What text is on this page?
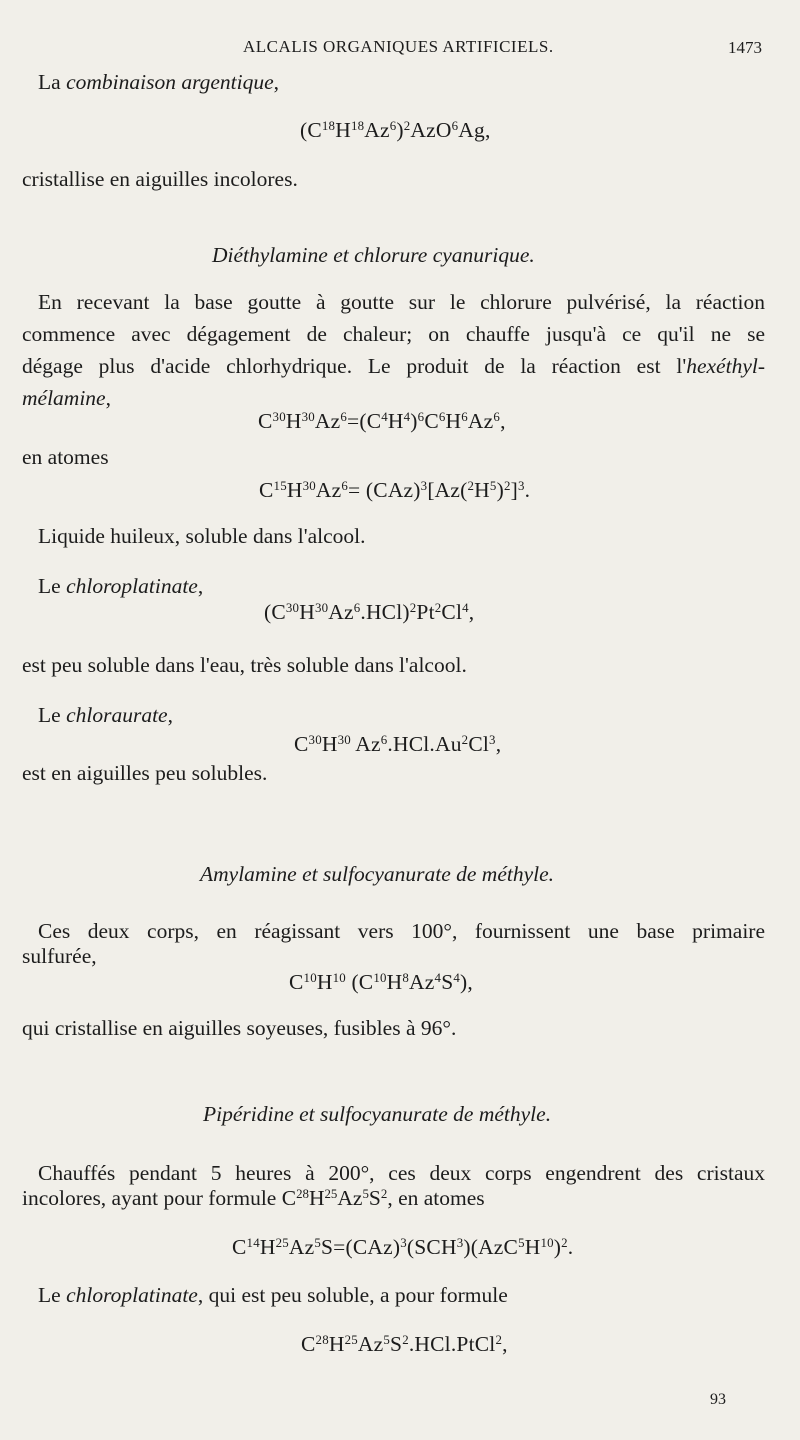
ALCALIS ORGANIQUES ARTIFICIELS.	1473
La combinaison argentique,
$(C^{18}H^{18}Az^6)^2AzO^6Ag$,
cristallise en aiguilles incolores.
Diéthylamine et chlorure cyanurique.
En recevant la base goutte à goutte sur le chlorure pulvérisé, la réaction
commence avec dégagement de chaleur; on chauffe jusqu'à ce qu'il ne se
dégage plus d'acide chlorhydrique. Le produit de la réaction est l'hexéthyl-
mélamine,
$C^{30}H^{30}Az^6=(C^4H^4)^6C^6H^6Az^6$,
en atomes
$C^{15}H^{30}Az^6= (CAz)^3[Az(^2H^5)^2]^3$.
Liquide huileux, soluble dans l'alcool.
Le chloroplatinate,
$(C^{30}H^{30}Az^6.HCl)^2Pt^2Cl^4$,
est peu soluble dans l'eau, très soluble dans l'alcool.
Le chloraurate,
$C^{30}H^{30}$ Az$^6$.HCl.Au$^2$Cl$^3$,
est en aiguilles peu solubles.
Amylamine et sulfocyanurate de méthyle.
Ces deux corps, en réagissant vers 100°, fournissent une base primaire
sulfurée,
$C^{10}H^{10}$ $(C^{10}H^8Az^4S^4)$,
qui cristallise en aiguilles soyeuses, fusibles à 96°.
Pipéridine et sulfocyanurate de méthyle.
Chauffés pendant 5 heures à 200°, ces deux corps engendrent des cristaux
incolores, ayant pour formule $C^{28}H^{25}Az^5S^2$, en atomes
$C^{14}H^{25}Az^5S=(CAz)^3(SCH^3)(AzC^5H^{10})^2$.
Le chloroplatinate, qui est peu soluble, a pour formule
$C^{28}H^{25}Az^5S^2.HCl.PtCl^2$,
93
